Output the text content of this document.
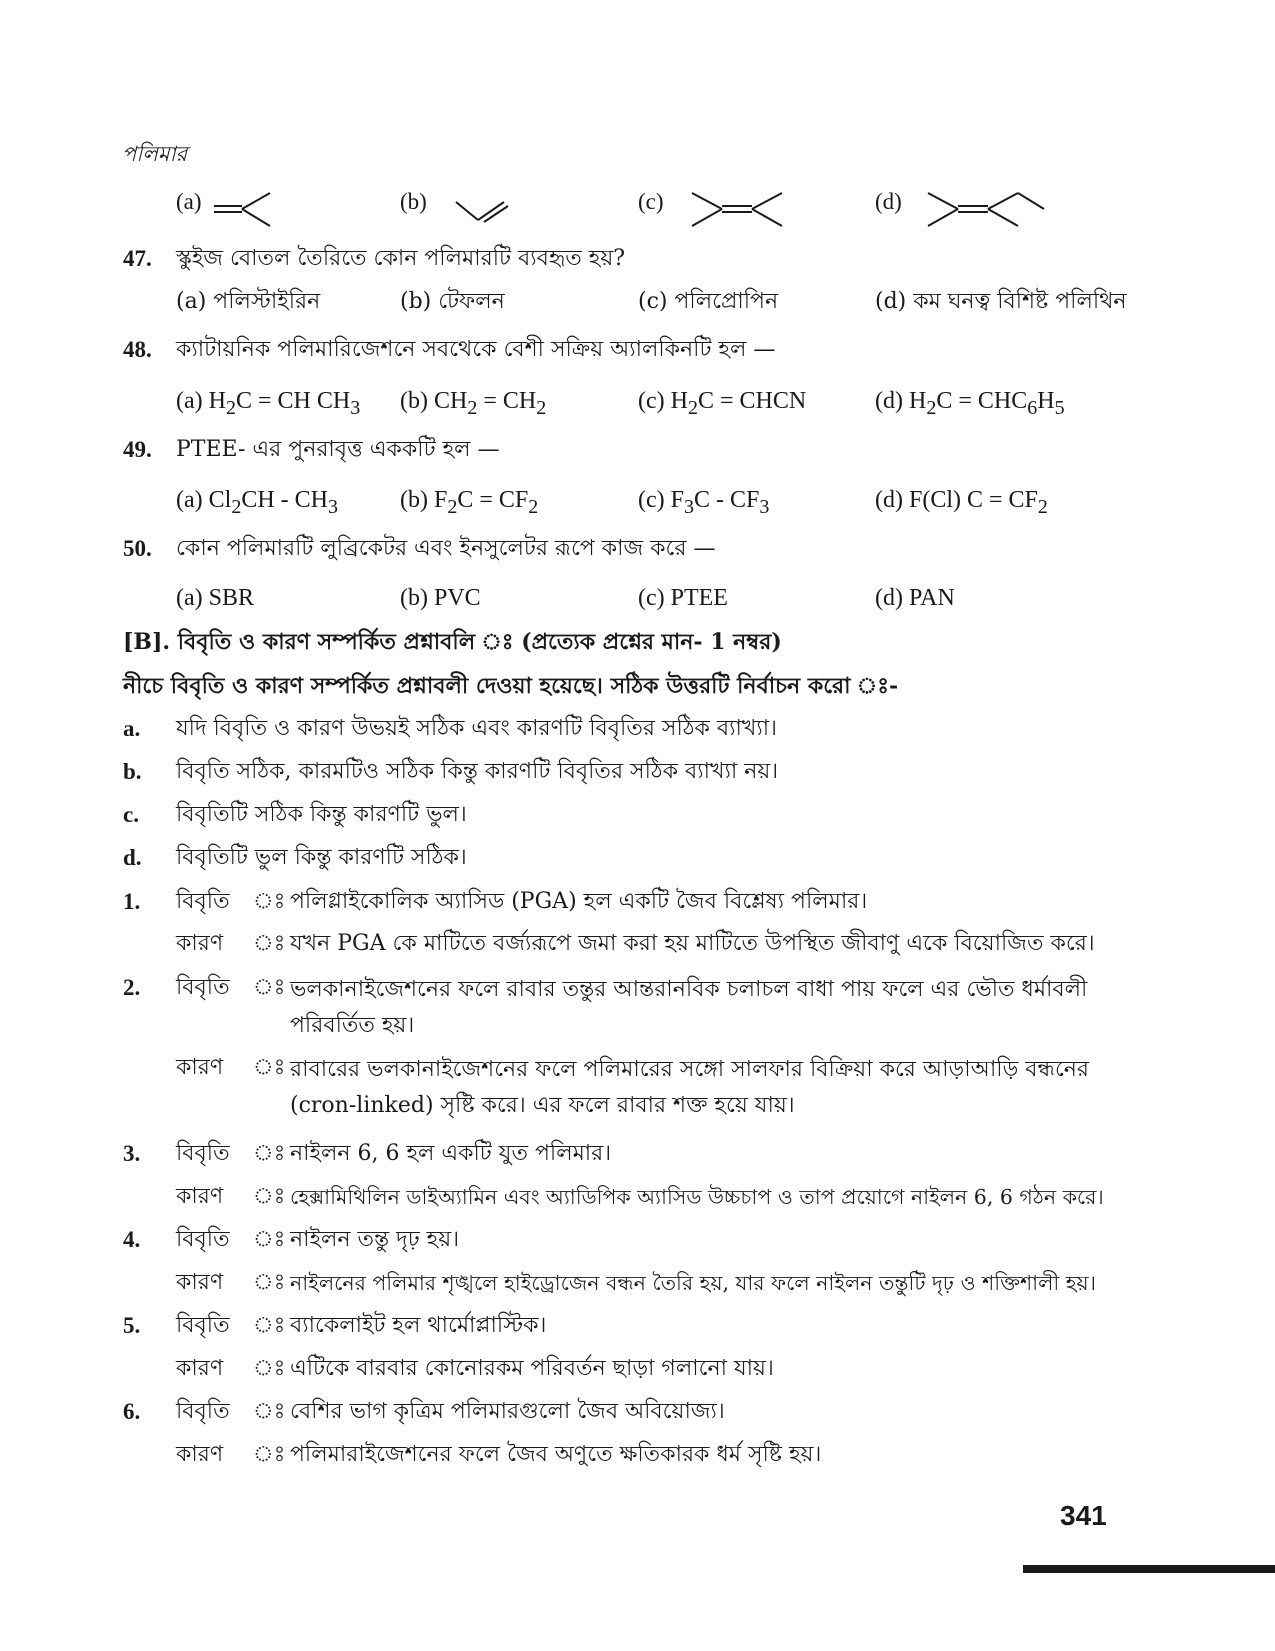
পলিমার
(a)	(b)	(c)	(d)
47. স্কুইজ বোতল তৈরিতে কোন পলিমারটি ব্যবহৃত হয়?
(a) পলিস্টাইরিন	(b) টেফলন	(c) পলিপ্রোপিন	(d) কম ঘনত্ব বিশিষ্ট পলিথিন
48. ক্যাটায়নিক পলিমারিজেশনে সবথেকে বেশী সক্রিয় অ্যালকিনটি হল —
(a) $H_2C$ = CH $CH_3$ (b) $CH_2 = CH_2$	(c) $H_2C$ = CHCN	(d) $H_2C = CHC_6H_5$
49. PTEE- এর পুনরাবৃত্ত এককটি হল —
(a) $Cl_2CH - CH_3$	(b) $F_2C = CF_2$	(c) $F_3C - CF_3$	(d) F(Cl) $C = CF_2$
50. কোন পলিমারটি লুব্রিকেটর এবং ইনসুলেটর রূপে কাজ করে —
(a) SBR	(b) PVC	(c) PTEE	(d) PAN
[B]. বিবৃতি ও কারণ সম্পর্কিত প্রশ্নাবলি ঃ (প্রত্যেক প্রশ্নের মান- 1 নম্বর)
নীচে বিবৃতি ও কারণ সম্পর্কিত প্রশ্নাবলী দেওয়া হয়েছে। সঠিক উত্তরটি নির্বাচন করো ঃ-
a. যদি বিবৃতি ও কারণ উভয়ই সঠিক এবং কারণটি বিবৃতির সঠিক ব্যাখ্যা।
b. বিবৃতি সঠিক, কারমটিও সঠিক কিন্তু কারণটি বিবৃতির সঠিক ব্যাখ্যা নয়।
c. বিবৃতিটি সঠিক কিন্তু কারণটি ভুল।
d. বিবৃতিটি ভুল কিন্তু কারণটি সঠিক।
1. বিবৃতি ঃ পলিগ্লাইকোলিক অ্যাসিড (PGA) হল একটি জৈব বিশ্লেষ্য পলিমার।
কারণ ঃ যখন PGA কে মাটিতে বর্জ্যরূপে জমা করা হয় মাটিতে উপস্থিত জীবাণু একে বিয়োজিত করে।
2. বিবৃতি ঃ ভলকানাইজেশনের ফলে রাবার তন্তুর আন্তরানবিক চলাচল বাধা পায় ফলে এর ভৌত ধর্মাবলী পরিবর্তিত হয়।
কারণ ঃ রাবারের ভলকানাইজেশনের ফলে পলিমারের সঙ্গো সালফার বিক্রিয়া করে আড়াআড়ি বন্ধনের (cron-linked) সৃষ্টি করে। এর ফলে রাবার শক্ত হয়ে যায়।
3. বিবৃতি ঃ নাইলন 6, 6 হল একটি যুত পলিমার।
কারণ ঃ হেক্সামিথিলিন ডাইঅ্যামিন এবং অ্যাডিপিক অ্যাসিড উচ্চচাপ ও তাপ প্রয়োগে নাইলন 6, 6 গঠন করে।
4. বিবৃতি ঃ নাইলন তন্তু দৃঢ় হয়।
কারণ ঃ নাইলনের পলিমার শৃঙ্খলে হাইড্রোজেন বন্ধন তৈরি হয়, যার ফলে নাইলন তন্তুটি দৃঢ় ও শক্তিশালী হয়।
5. বিবৃতি ঃ ব্যাকেলাইট হল থার্মোপ্লাস্টিক।
কারণ ঃ এটিকে বারবার কোনোরকম পরিবর্তন ছাড়া গলানো যায়।
6. বিবৃতি ঃ বেশির ভাগ কৃত্রিম পলিমারগুলো জৈব অবিয়োজ্য।
কারণ ঃ পলিমারাইজেশনের ফলে জৈব অণুতে ক্ষতিকারক ধর্ম সৃষ্টি হয়।
341
